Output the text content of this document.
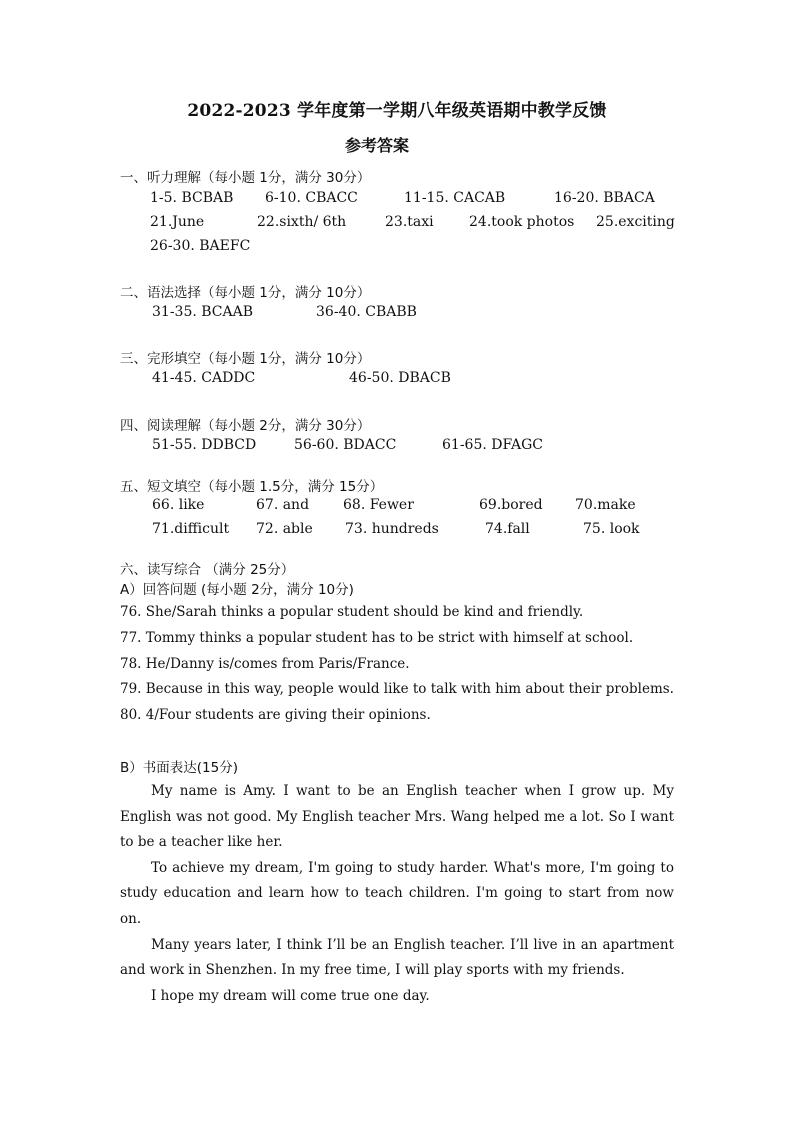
2022-2023 学年度第一学期八年级英语期中教学反馈
参考答案
一、听力理解（每小题 1分，满分 30分）
1-5. BCBAB 6-10. CBACC	11-15. CACAB	16-20. BBACA
21.June	22.sixth/ 6th	23.taxi	24.took photos 25.exciting
26-30. BAEFC
二、语法选择（每小题 1分，满分 10分）
31-35. BCAAB	36-40. CBABB
三、完形填空（每小题 1分，满分 10分）
41-45. CADDC	46-50. DBACB
四、阅读理解（每小题 2分，满分 30分）
51-55. DDBCD	56-60. BDACC	61-65. DFAGC
五、短文填空（每小题 1.5分，满分 15分）
66. like	67. and 68. Fewer	69.bored 70.make
71.difficult 72. able 73. hundreds	74.fall	75. look
六、读写综合 （满分 25分）
A）回答问题 (每小题 2分，满分 10分)
76. She/Sarah thinks a popular student should be kind and friendly.
77. Tommy thinks a popular student has to be strict with himself at school.
78. He/Danny is/comes from Paris/France.
79. Because in this way, people would like to talk with him about their problems.
80. 4/Four students are giving their opinions.
B）书面表达(15分)

My name is Amy. I want to be an English teacher when I grow up. My English was not good. My English teacher Mrs. Wang helped me a lot. So I want to be a teacher like her.

To achieve my dream, I'm going to study harder. What's more, I'm going to study education and learn how to teach children. I'm going to start from now on.

Many years later, I think I’ll be an English teacher. I’ll live in an apartment and work in Shenzhen. In my free time, I will play sports with my friends.

I hope my dream will come true one day.
